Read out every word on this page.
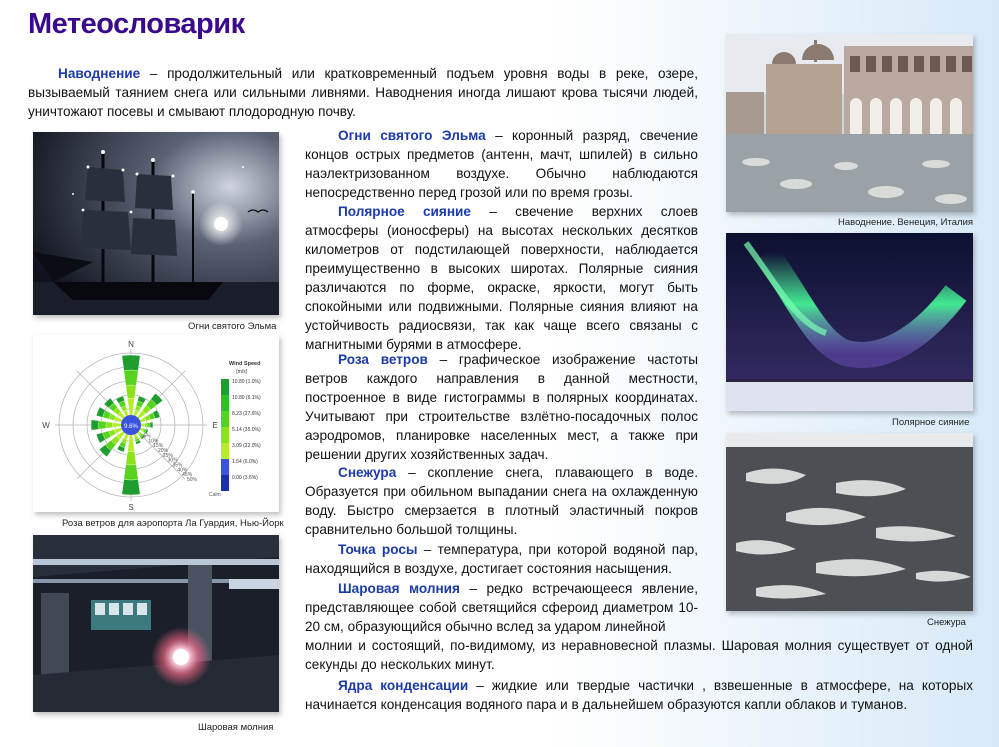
Метеословарик

Наводнение – продолжительный или кратковременный подъем уровня воды в реке, озере, вызываемый таянием снега или сильными ливнями. Наводнения иногда лишают крова тысячи людей, уничтожают посевы и смывают плодородную почву.

Огни святого Эльма
9.6%
N
S
W	E
5%
10%
15%
20%
25%
30%
35%
40%
45%
50%
Wind Speed
(m/s)
10.80 (1.0%)
10.80 (6.1%)
8.23 (27.6%)
5.14 (35.0%)
3.09 (22.0%)
1.54 (6.0%)
0.00 (3.6%)
Calm
Роза ветров для аэропорта Ла Гуардия, Нью-Йорк
Шаровая молния
Наводнение. Венеция, Италия
Полярное сияние
Снежура

Огни святого Эльма – коронный разряд, свечение концов острых предметов (антенн, мачт, шпилей) в сильно наэлектризованном воздухе. Обычно наблюдаются непосредственно перед грозой или по время грозы.

Полярное сияние – свечение верхних слоев атмосферы (ионосферы) на высотах нескольких десятков километров от подстилающей поверхности, наблюдается преимущественно в высоких широтах. Полярные сияния различаются по форме, окраске, яркости, могут быть спокойными или подвижными. Полярные сияния влияют на устойчивость радиосвязи, так как чаще всего связаны с магнитными бурями в атмосфере.

Роза ветров – графическое изображение частоты ветров каждого направления в данной местности, построенное в виде гистограммы в полярных координатах. Учитывают при строительстве взлётно-посадочных полос аэродромов, планировке населенных мест, а также при решении других хозяйственных задач.

Снежура – скопление снега, плавающего в воде. Образуется при обильном выпадании снега на охлажденную воду. Быстро смерзается в плотный эластичный покров сравнительно большой толщины.

Точка росы – температура, при которой водяной пар, находящийся в воздухе, достигает состояния насыщения.

Шаровая молния – редко встречающееся явление, представляющее собой светящийся сфероид диаметром 10-20 см, образующийся обычно вслед за ударом линейной

молнии и состоящий, по-видимому, из неравновесной плазмы. Шаровая молния существует от одной секунды до нескольких минут.

Ядра конденсации – жидкие или твердые частички , взвешенные в атмосфере, на которых начинается конденсация водяного пара и в дальнейшем образуются капли облаков и туманов.
